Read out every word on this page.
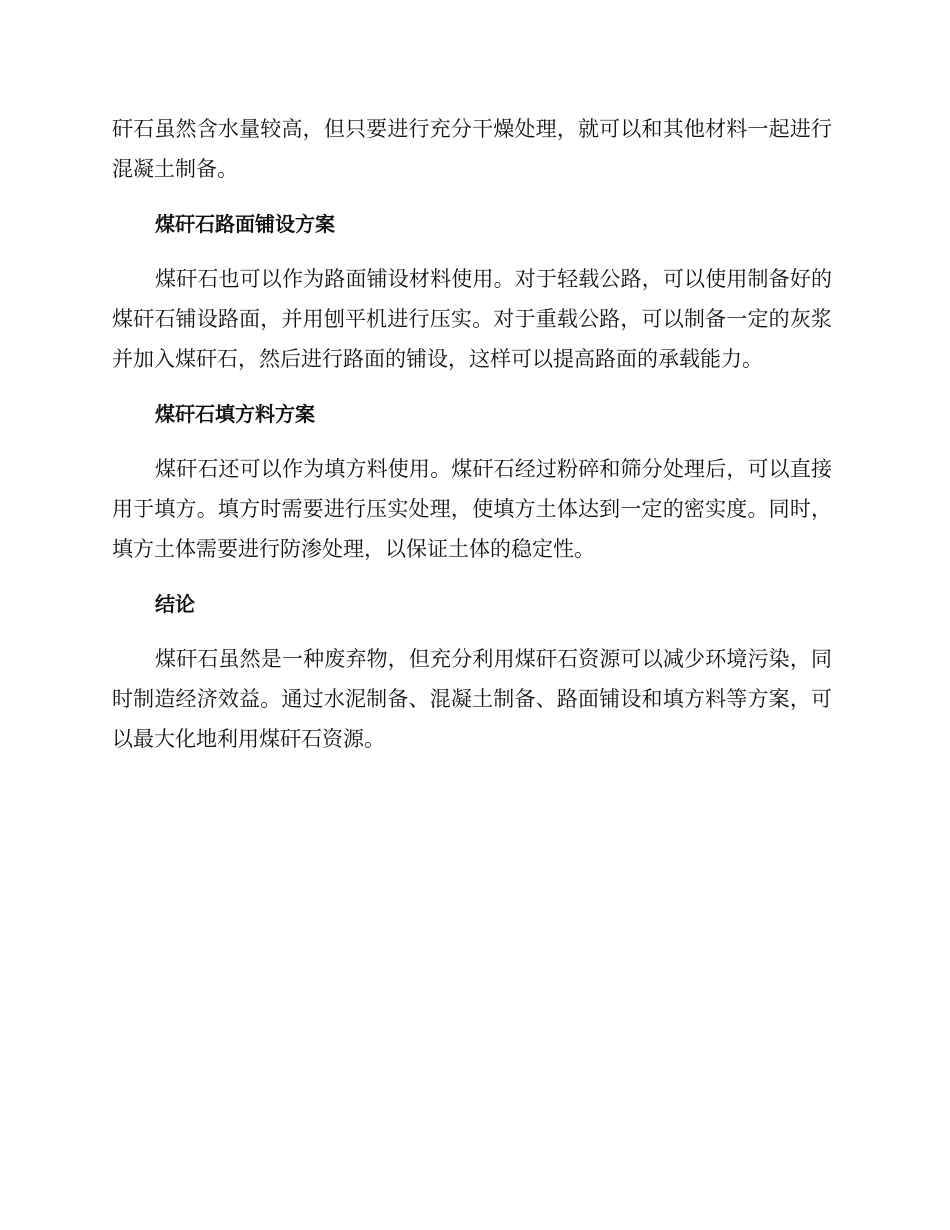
矸石虽然含水量较高，但只要进行充分干燥处理，就可以和其他材料一起进行混凝土制备。

煤矸石路面铺设方案

煤矸石也可以作为路面铺设材料使用。对于轻载公路，可以使用制备好的煤矸石铺设路面，并用刨平机进行压实。对于重载公路，可以制备一定的灰浆并加入煤矸石，然后进行路面的铺设，这样可以提高路面的承载能力。

煤矸石填方料方案

煤矸石还可以作为填方料使用。煤矸石经过粉碎和筛分处理后，可以直接用于填方。填方时需要进行压实处理，使填方土体达到一定的密实度。同时，填方土体需要进行防渗处理，以保证土体的稳定性。

结论

煤矸石虽然是一种废弃物，但充分利用煤矸石资源可以减少环境污染，同时制造经济效益。通过水泥制备、混凝土制备、路面铺设和填方料等方案，可以最大化地利用煤矸石资源。
